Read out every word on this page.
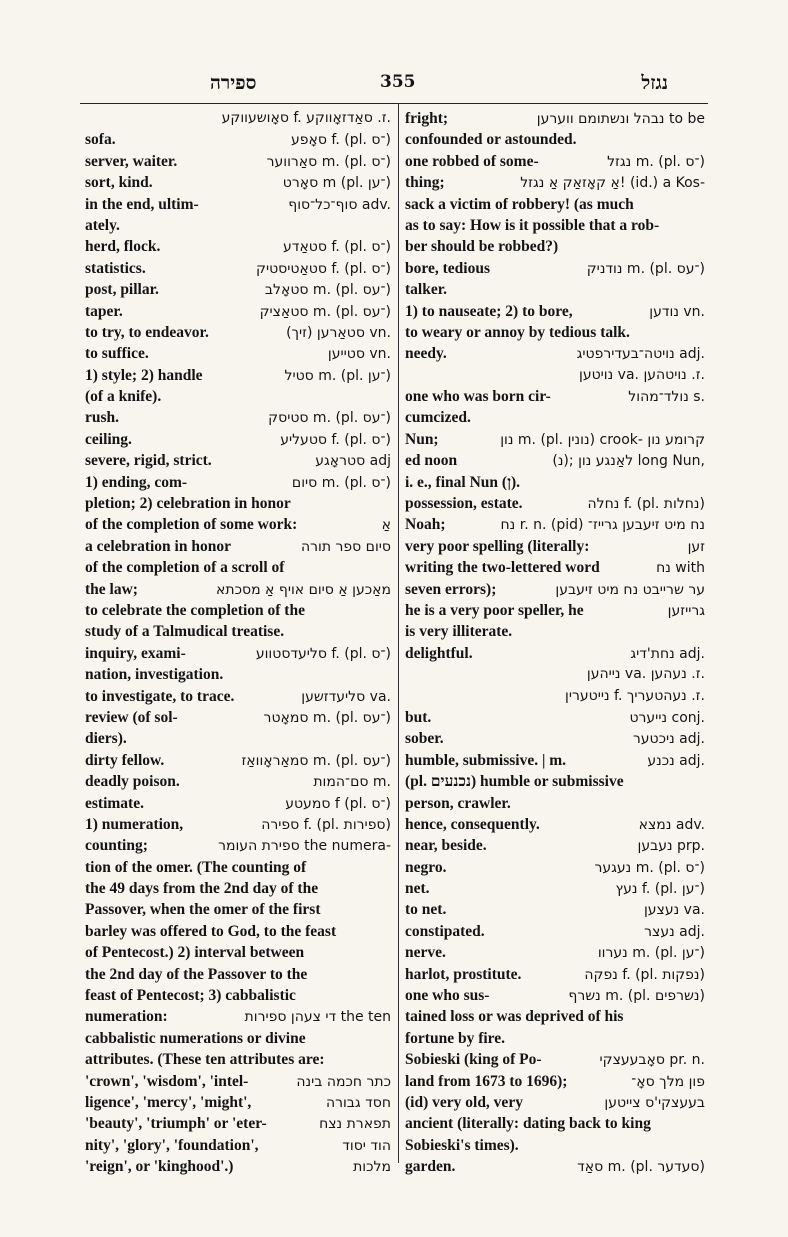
ספירה	355	נגזל
סאָושעווקע f. ז. סאַדזאָווקע.
sofa.	סאָפע f. (pl. ־ס)
server, waiter.	סאַרווער m. (pl. ־ס)
sort, kind.	סאָרט m (pl. ־ען)
in the end, ultim-	סוף־כל־סוף adv.
ately.
herd, flock.	סטאַדע f. (pl. ־ס)
statistics.	סטאַטיסטיק f. (pl. ־ס)
post, pillar.	סטאָלב m. (pl. ־עס)
taper.	סטאַציק m. (pl. ־עס)
to try, to endeavor.	סטאַרען (זיך) vn.
to suffice.	סטייען vn.
1) style; 2) handle	סטיל m. (pl. ־ען)
(of a knife).
rush.	סטיסק m. (pl. ־עס)
ceiling.	סטעליע f. (pl. ־ס)
severe, rigid, strict.	סטראָגע adj
1) ending, com-	סיום m. (pl. ־ס)
pletion; 2) celebration in honor
of the completion of some work:	אַ
a celebration in honor	סיום ספר תורה
of the completion of a scroll of
the law;	מאַכען אַ סיום אויף אַ מסכתא
to celebrate the completion of the
study of a Talmudical treatise.
inquiry, exami-	סליעדסטווע f. (pl. ־ס)
nation, investigation.
to investigate, to trace.	סליעדזשען va.
review (of sol-	סמאָטר m. (pl. ־עס)
diers).
dirty fellow.	סמאַראָוואַז m. (pl. ־עס)
deadly poison.	סם־המות m.
estimate.	סמעטע f (pl. ־ס)
1) numeration,	ספירה f. (pl. ספירות)
counting;	ספירת העומר the numera-
tion of the omer. (The counting of
the 49 days from the 2nd day of the
Passover, when the omer of the first
barley was offered to God, to the feast
of Pentecost.) 2) interval between
the 2nd day of the Passover to the
feast of Pentecost; 3) cabbalistic
numeration:	די צעהן ספירות the ten
cabbalistic numerations or divine
attributes. (These ten attributes are:
'crown', 'wisdom', 'intel-	כתר חכמה בינה
ligence', 'mercy', 'might',	חסד גבורה
'beauty', 'triumph' or 'eter-	תפארת נצח
nity', 'glory', 'foundation',	הוד יסוד
'reign', or 'kinghood'.)	מלכות
fright;	נבהל ונשתומם ווערען to be
confounded or astounded.
one robbed of some-	נגזל m. (pl. ־ס)
thing;	אַ קאָזאַק אַ נגזל! (id.) a Kos-
sack a victim of robbery! (as much
as to say: How is it possible that a rob-
ber should be robbed?)
bore, tedious	נודניק m. (pl. ־עס)
talker.
1) to nauseate; 2) to bore,	נודען vn.
to weary or annoy by tedious talk.
needy.	נויטה־בעדירפטיג adj.
נויטען va. ז. נויטהען.
one who was born cir-	נולד־מהול s.
cumcized.
Nun;	נון m. (pl. נונין) crook- קרומע נון
ed noon	(נ); לאַנגע נון long Nun,
i. e., final Nun (ן).
possession, estate.	נחלה f. (pl. נחלות)
Noah;	נח r. n. (pid) נח מיט זיעבען גרייז־
very poor spelling (literally:	זען
writing the two-lettered word	נח with
seven errors);	ער שרייבט נח מיט זיעבען
he is a very poor speller, he	גרייזען
is very illiterate.
delightful.	נחת'דיג adj.
נייהען va. ז. נעהען.
נייטערין f. ז. נעהטעריך.
but.	נייערט conj.
sober.	ניכטער adj.
humble, submissive. | m.	נכנע adj.
(pl. נכנעים) humble or submissive
person, crawler.
hence, consequently.	נמצא adv.
near, beside.	נעבען prp.
negro.	נעגער m. (pl. ־ס)
net.	נעץ f. (pl. ־ען)
to net.	נעצען va.
constipated.	נעצר adj.
nerve.	נערוו m. (pl. ־ען)
harlot, prostitute.	נפקה f. (pl. נפקות)
one who sus-	נשרף m. (pl. נשרפים)
tained loss or was deprived of his
fortune by fire.
Sobieski (king of Po-	סאָבעעצקי pr. n.
land from 1673 to 1696);	פון מלך סאָ־
(id) very old, very	בעעצקי'ס צייטען
ancient (literally: dating back to king
Sobieski's times).
garden.	סאַד m. (pl. סעדער)
